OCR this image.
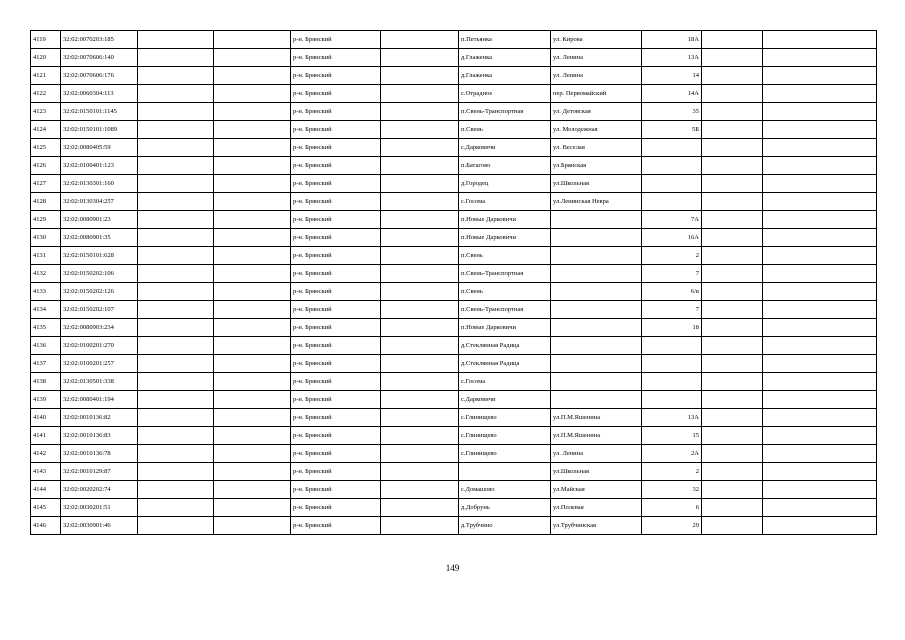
4119	32:02:0070203:185			р-н. Брянский		п.Петьянка	ул. Кирова	18А		
4120	32:02:0070606:140			р-н. Брянский		д.Глаженка	ул. Ленина	13А		
4121	32:02:0070606:176			р-н. Брянский		д.Глаженка	ул. Ленина	14		
4122	32:02:0060304:113			р-н. Брянский		с.Отрадное	пер. Первомайский	14А		
4123	32:02:0150101:1145			р-н. Брянский		п.Свень-Транспортная	ул. Детовская	35		
4124	32:02:0150101:1089			р-н. Брянский		п.Свень	ул. Молодежная	5Б		
4125	32:02:0080405:59			р-н. Брянский		с.Дарковичи	ул. Веселая			
4126	32:02:0100401:123			р-н. Брянский		п.Батагово	ул.Брянская			
4127	32:02:0130301:160			р-н. Брянский		д.Городец	ул.Школьная			
4128	32:02:0130304:257			р-н. Брянский		с.Госома	ул.Ленинская Невра			
4129	32:02:0080901:23			р-н. Брянский		п.Новые Дарковичи		7А		
4130	32:02:0080901:35			р-н. Брянский		п.Новые Дарковичи		16А		
4131	32:02:0150101:628			р-н. Брянский		п.Свень		2		
4132	32:02:0150202:106			р-н. Брянский		п.Свень-Транспортная		7		
4133	32:02:0150202:126			р-н. Брянский		п.Свень		6/в		
4134	32:02:0150202:107			р-н. Брянский		п.Свень-Транспортная		7		
4135	32:02:0080903:234			р-н. Брянский		п.Новые Дарковичи		18		
4136	32:02:0100201:270			р-н. Брянский		д.Стеклянная Радица				
4137	32:02:0100201:257			р-н. Брянский		д.Стеклянная Радица				
4138	32:02:0130501:338			р-н. Брянский		с.Госома				
4139	32:02:0080401:194			р-н. Брянский		с.Дарковичи				
4140	32:02:0010136:82			р-н. Брянский		с.Глинищево	ул.П.М.Яшенина	13А		
4141	32:02:0010136:83			р-н. Брянский		с.Глинищево	ул.П.М.Яшенина	15		
4142	32:02:0010136:78			р-н. Брянский		с.Глинищево	ул. Ленина	2А		
4143	32:02:0010129:87			р-н. Брянский			ул.Школьная	2		
4144	32:02:0020202:74			р-н. Брянский		с.Домашово	ул.Майская	32		
4145	32:02:0030201:51			р-н. Брянский		д.Добрунь	ул.Полевая	6		
4146	32:02:0030901:46			р-н. Брянский		д.Трубчино	ул.Трубчинская	29		
149
